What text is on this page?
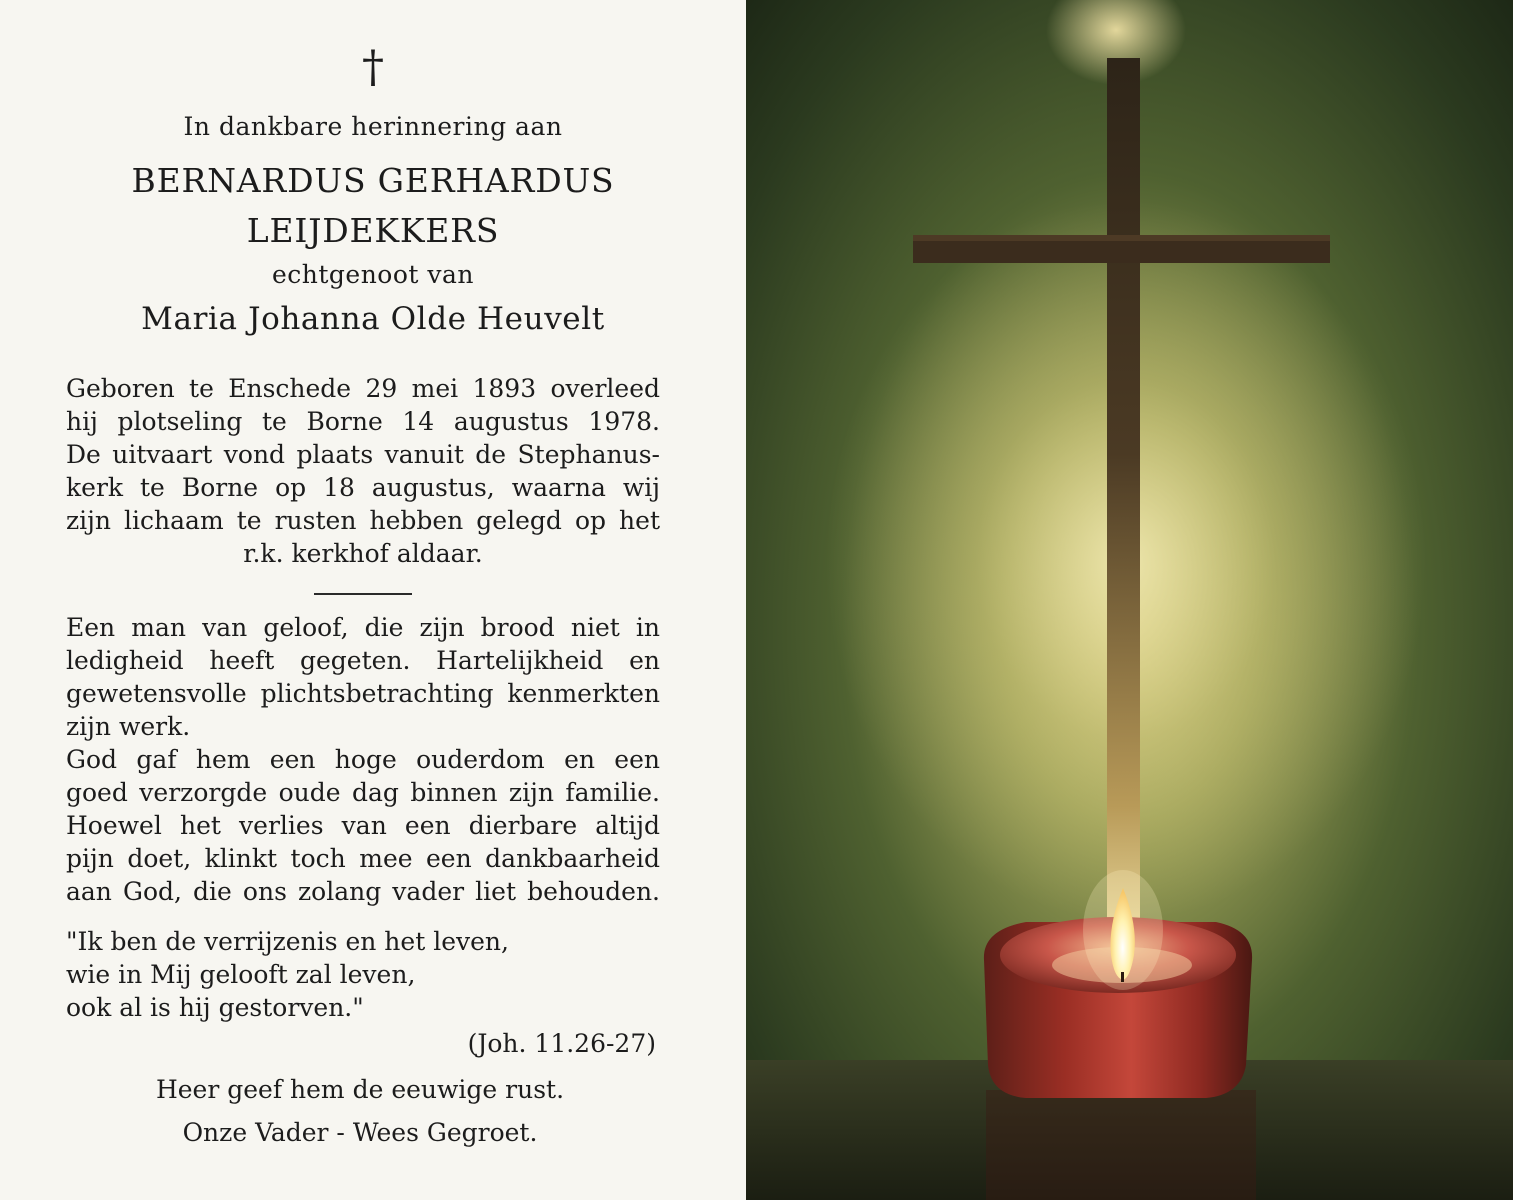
†
In dankbare herinnering aan
BERNARDUS GERHARDUS
LEIJDEKKERS
echtgenoot van
Maria Johanna Olde Heuvelt
Geboren te Enschede 29 mei 1893 overleed
hij plotseling te Borne 14 augustus 1978.
De uitvaart vond plaats vanuit de Stephanus-
kerk te Borne op 18 augustus, waarna wij
zijn lichaam te rusten hebben gelegd op het
r.k. kerkhof aldaar.
Een man van geloof, die zijn brood niet in
ledigheid heeft gegeten. Hartelijkheid en
gewetensvolle plichtsbetrachting kenmerkten
zijn werk.
God gaf hem een hoge ouderdom en een
goed verzorgde oude dag binnen zijn familie.
Hoewel het verlies van een dierbare altijd
pijn doet, klinkt toch mee een dankbaarheid
aan God, die ons zolang vader liet behouden.
"Ik ben de verrijzenis en het leven,
wie in Mij gelooft zal leven,
ook al is hij gestorven."
(Joh. 11.26-27)
Heer geef hem de eeuwige rust.
Onze Vader - Wees Gegroet.
